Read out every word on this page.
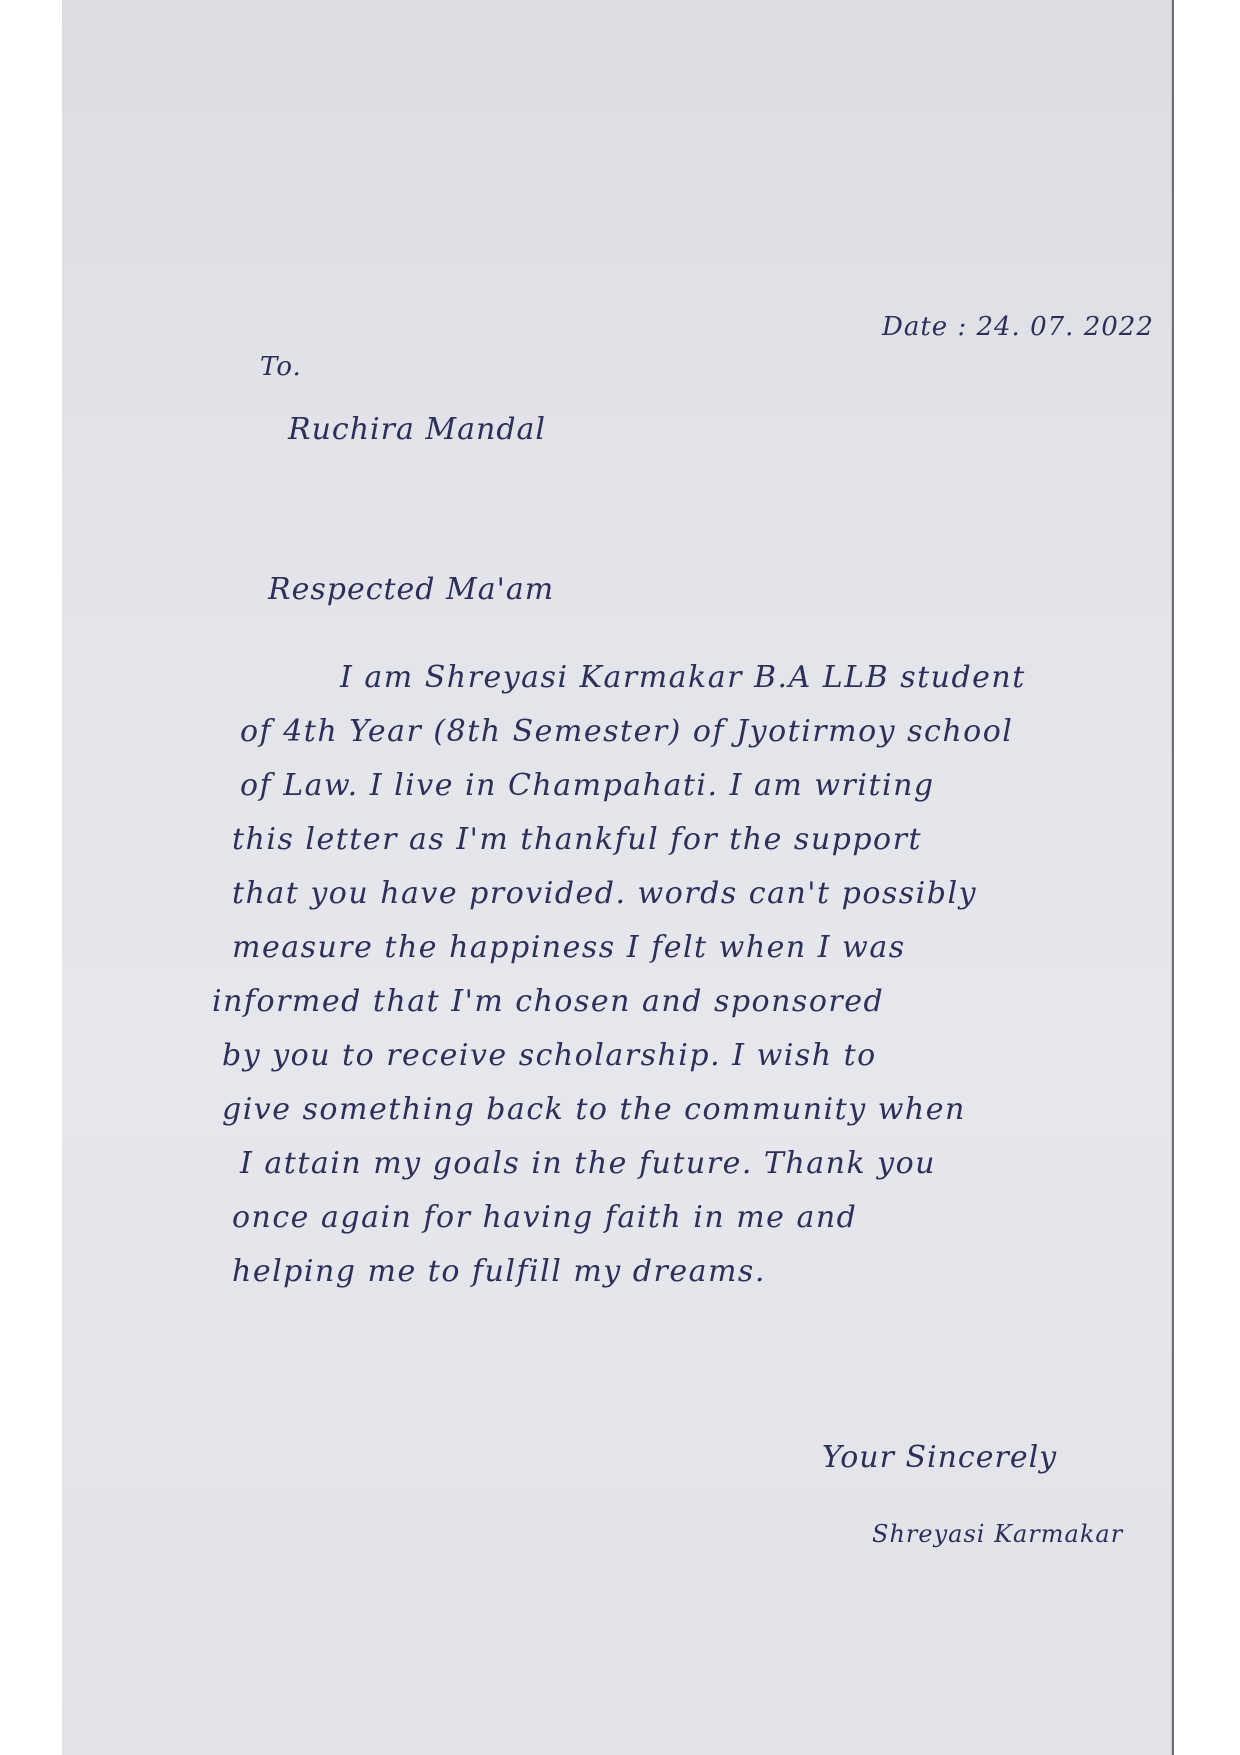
Date : 24. 07. 2022

To.

Ruchira Mandal

Respected Ma'am

I am Shreyasi Karmakar B.A LLB student

of 4th Year (8th Semester) of Jyotirmoy school

of Law. I live in Champahati. I am writing

this letter as I'm thankful for the support

that you have provided. words can't possibly

measure the happiness I felt when I was

informed that I'm chosen and sponsored

by you to receive scholarship. I wish to

give something back to the community when

I attain my goals in the future. Thank you

once again for having faith in me and

helping me to fulfill my dreams.

Your Sincerely

Shreyasi Karmakar
